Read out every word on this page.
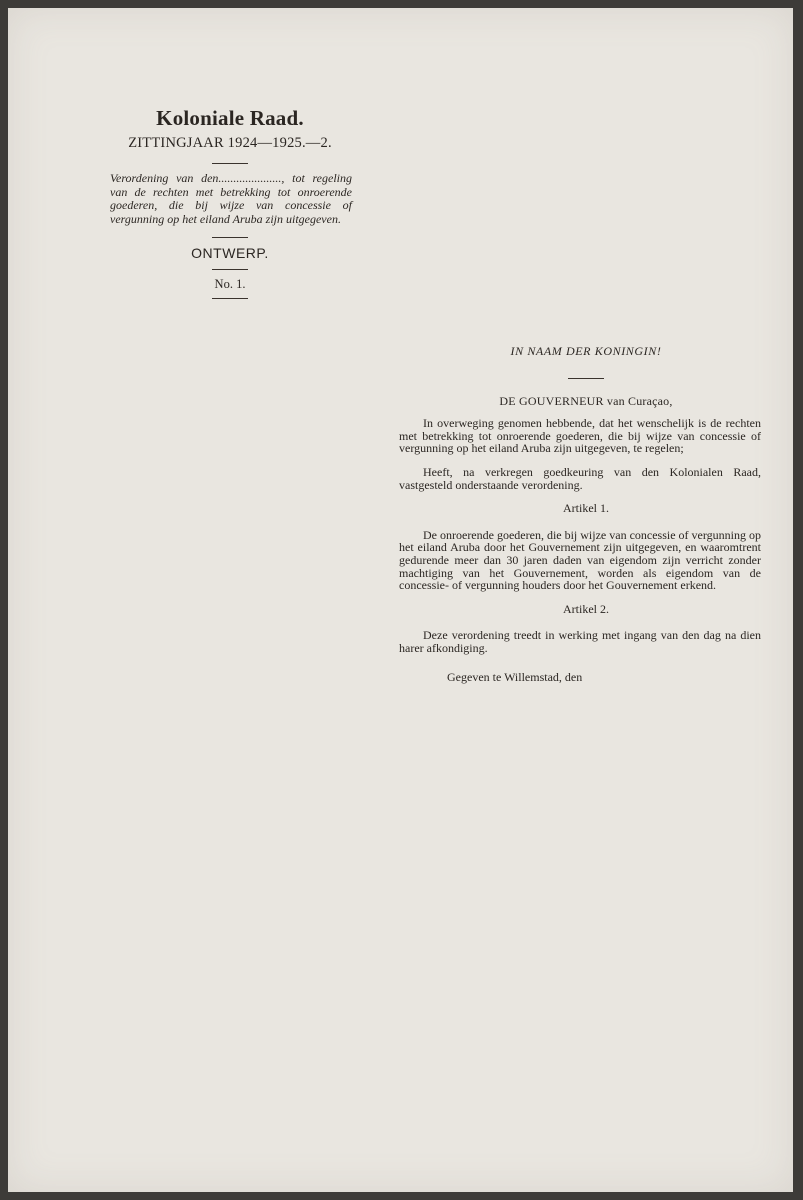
Koloniale Raad.
ZITTINGJAAR 1924—1925.—2.
Verordening van den....................., tot regeling van de rechten met betrekking tot onroerende goederen, die bij wijze van concessie of vergunning op het eiland Aruba zijn uitgegeven.
ONTWERP.
No. 1.
IN NAAM DER KONINGIN!
DE GOUVERNEUR van Curaçao,

In overweging genomen hebbende, dat het wenschelijk is de rechten met betrekking tot onroerende goederen, die bij wijze van concessie of vergunning op het eiland Aruba zijn uitgegeven, te regelen;

Heeft, na verkregen goedkeuring van den Kolonialen Raad, vastgesteld onderstaande verordening.

Artikel 1.

De onroerende goederen, die bij wijze van concessie of vergunning op het eiland Aruba door het Gouvernement zijn uitgegeven, en waaromtrent gedurende meer dan 30 jaren daden van eigendom zijn verricht zonder machtiging van het Gouvernement, worden als eigendom van de concessie- of vergunning houders door het Gouvernement erkend.

Artikel 2.

Deze verordening treedt in werking met ingang van den dag na dien harer afkondiging.

Gegeven te Willemstad, den
